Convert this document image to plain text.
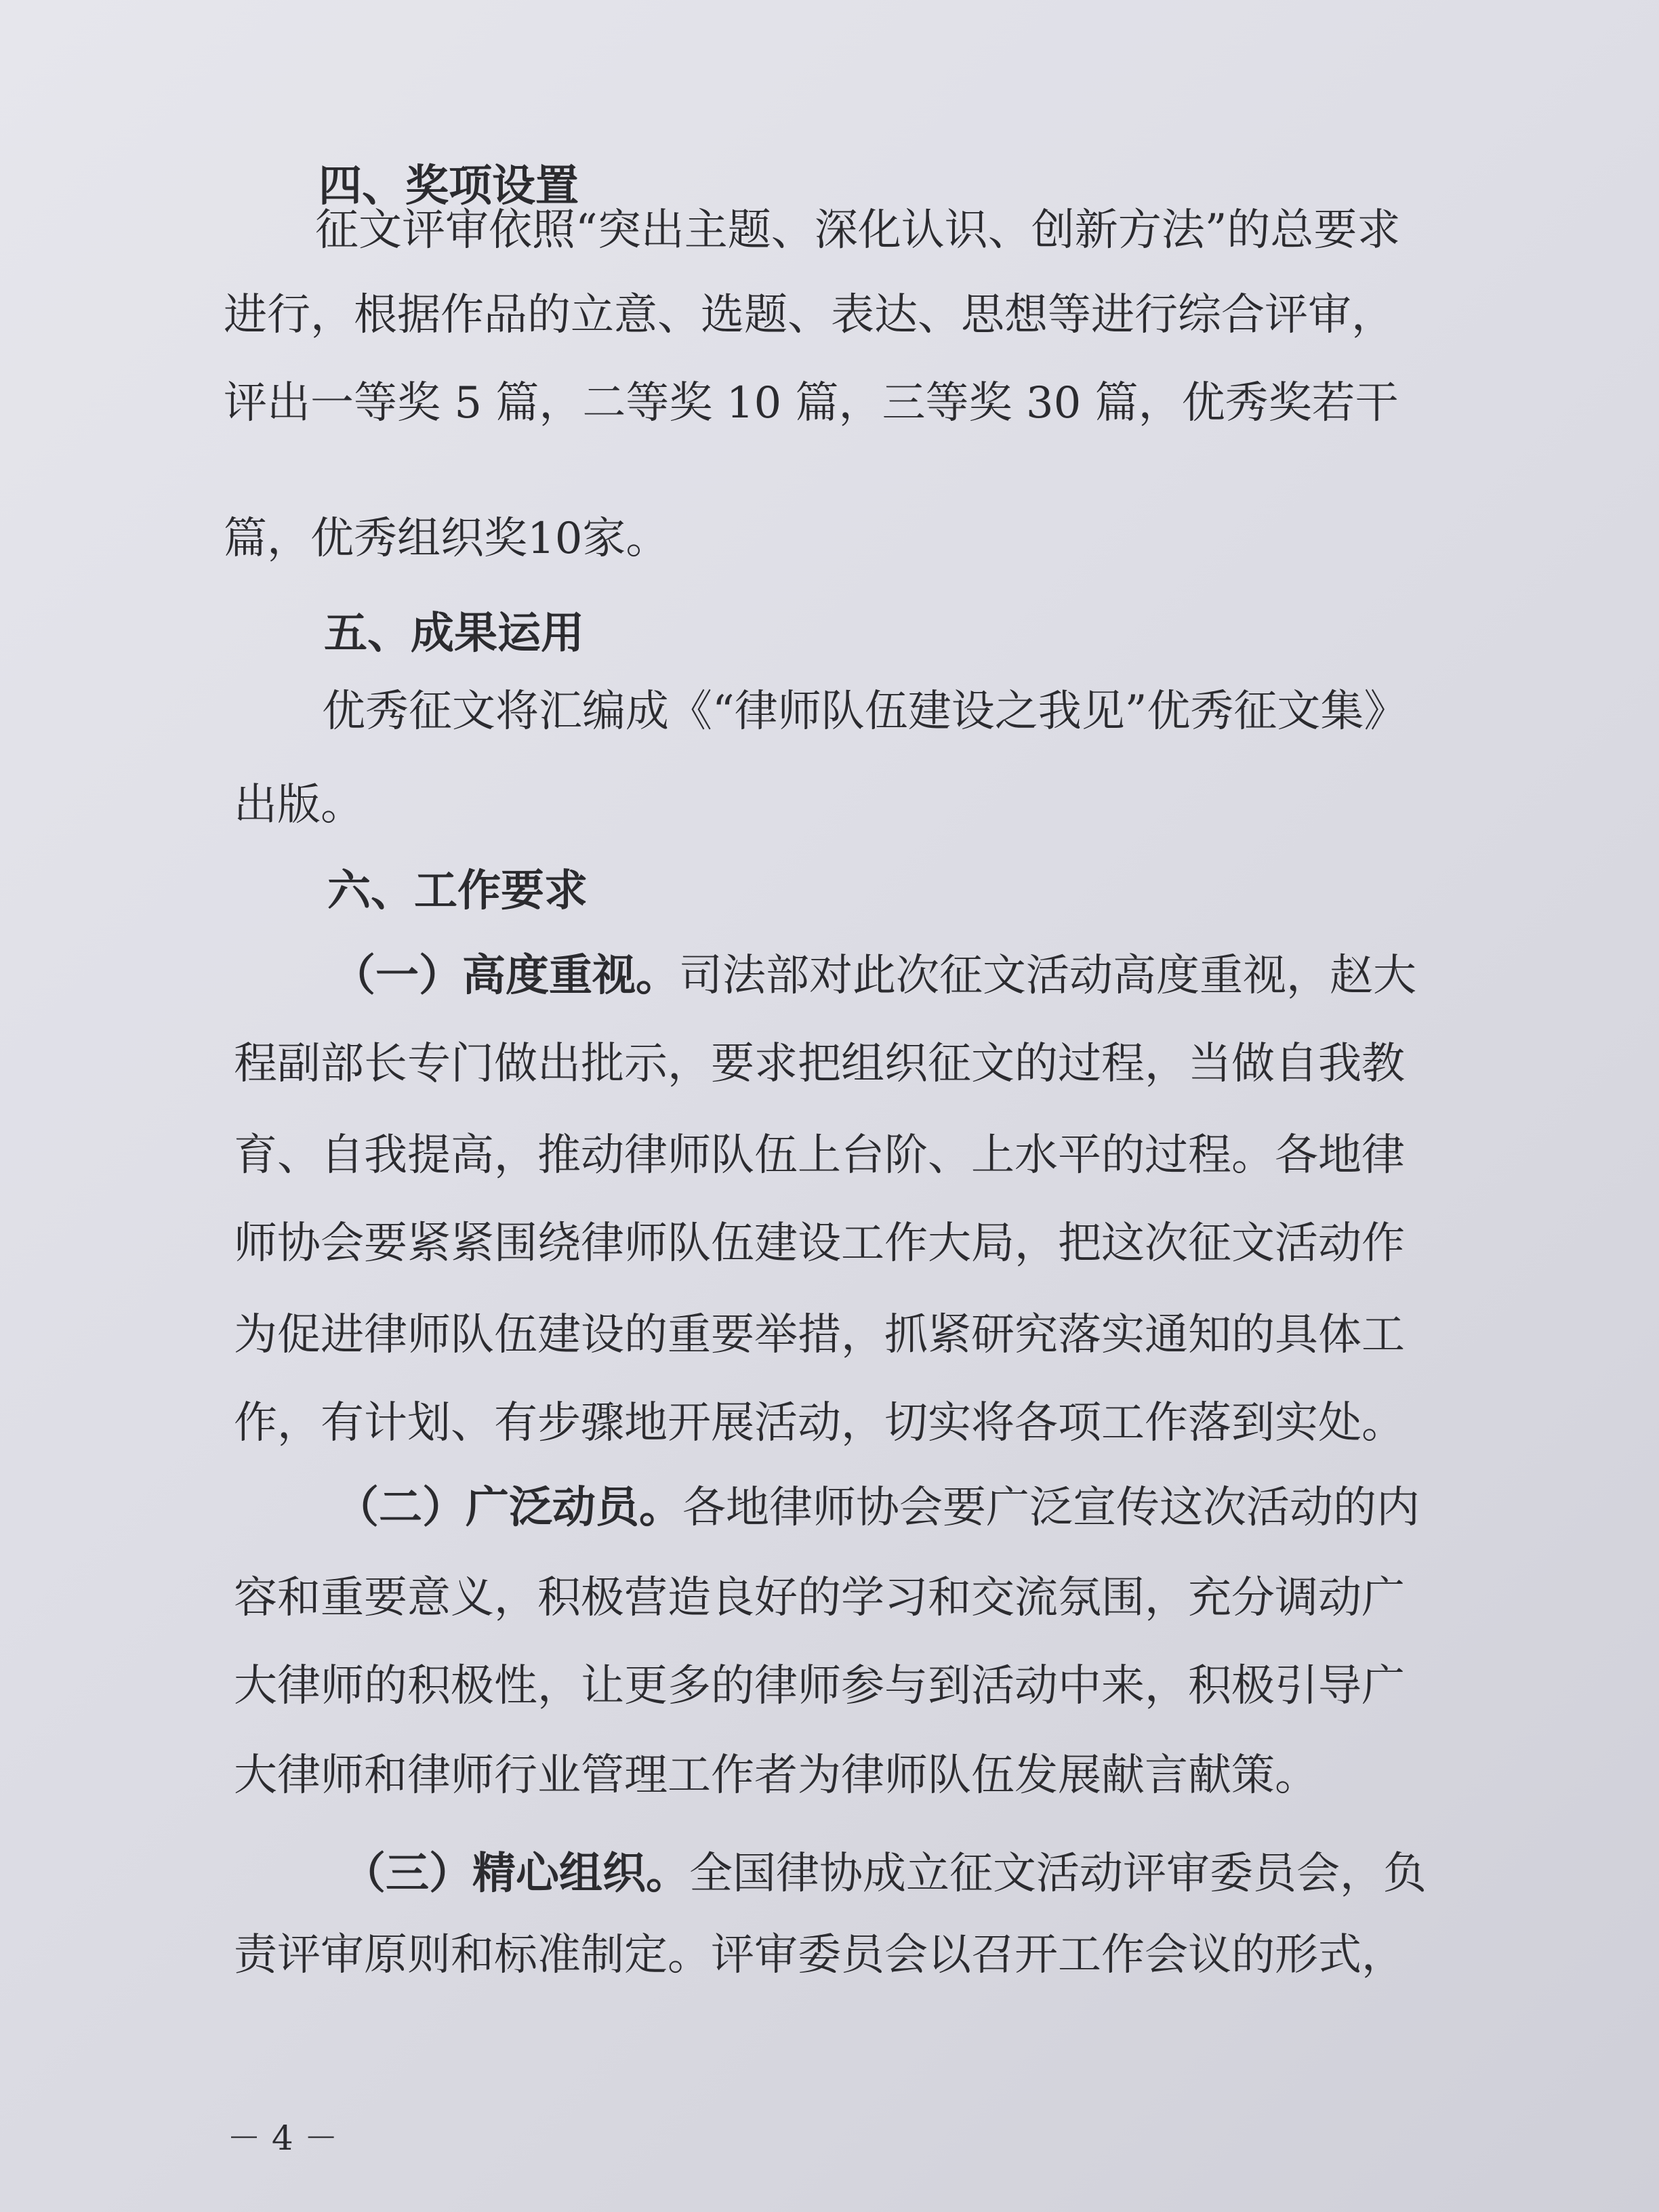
四、奖项设置
征文评审依照“突出主题、深化认识、创新方法”的总要求
进行，根据作品的立意、选题、表达、思想等进行综合评审，
评出一等奖 5 篇，二等奖 10 篇，三等奖 30 篇，优秀奖若干
篇，优秀组织奖10家。
五、成果运用
优秀征文将汇编成《“律师队伍建设之我见”优秀征文集》
出版。
六、工作要求
（一）高度重视。司法部对此次征文活动高度重视，赵大
程副部长专门做出批示，要求把组织征文的过程，当做自我教
育、自我提高，推动律师队伍上台阶、上水平的过程。各地律
师协会要紧紧围绕律师队伍建设工作大局，把这次征文活动作
为促进律师队伍建设的重要举措，抓紧研究落实通知的具体工
作，有计划、有步骤地开展活动，切实将各项工作落到实处。
（二）广泛动员。各地律师协会要广泛宣传这次活动的内
容和重要意义，积极营造良好的学习和交流氛围，充分调动广
大律师的积极性，让更多的律师参与到活动中来，积极引导广
大律师和律师行业管理工作者为律师队伍发展献言献策。
（三）精心组织。全国律协成立征文活动评审委员会，负
责评审原则和标准制定。评审委员会以召开工作会议的形式，
－ 4 －
